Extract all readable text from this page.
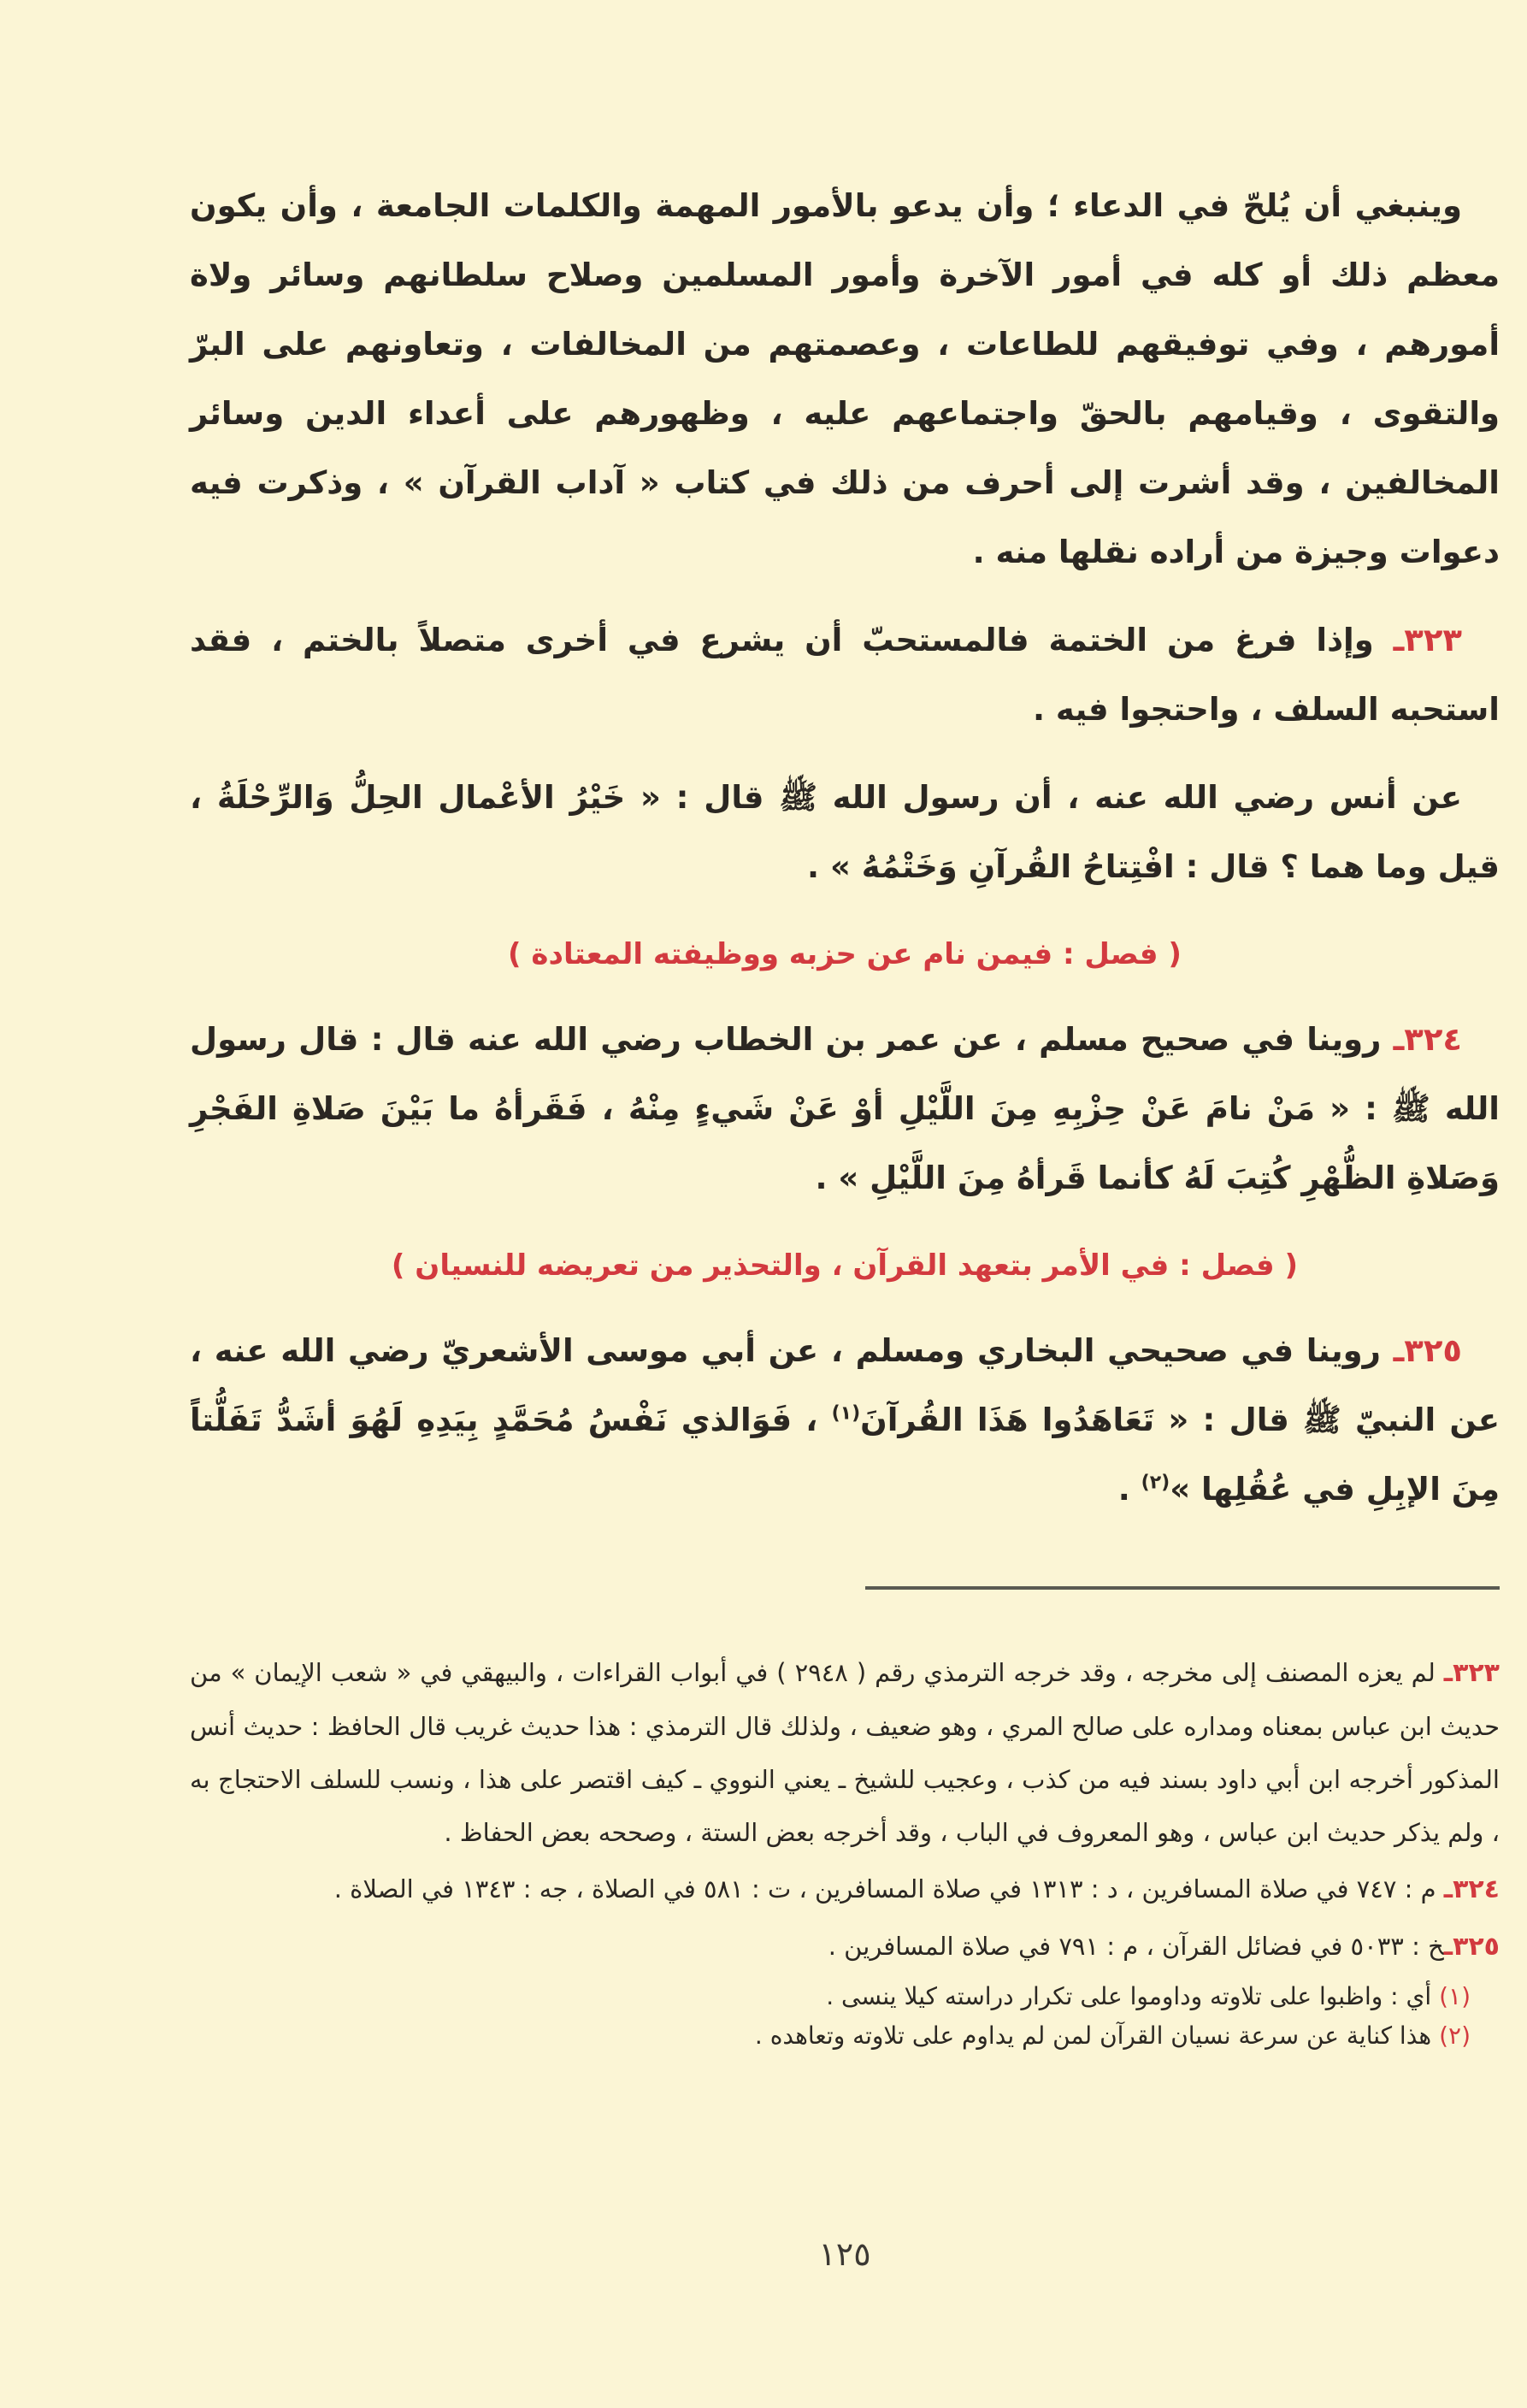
وينبغي أن يُلحّ في الدعاء ؛ وأن يدعو بالأمور المهمة والكلمات الجامعة ، وأن يكون معظم ذلك أو كله في أمور الآخرة وأمور المسلمين وصلاح سلطانهم وسائر ولاة أمورهم ، وفي توفيقهم للطاعات ، وعصمتهم من المخالفات ، وتعاونهم على البرّ والتقوى ، وقيامهم بالحقّ واجتماعهم عليه ، وظهورهم على أعداء الدين وسائر المخالفين ، وقد أشرت إلى أحرف من ذلك في كتاب « آداب القرآن » ، وذكرت فيه دعوات وجيزة من أراده نقلها منه .

٣٢٣ـ وإذا فرغ من الختمة فالمستحبّ أن يشرع في أخرى متصلاً بالختم ، فقد استحبه السلف ، واحتجوا فيه .

عن أنس رضي الله عنه ، أن رسول الله ﷺ قال : « خَيْرُ الأعْمال الحِلُّ وَالرِّحْلَةُ ، قيل وما هما ؟ قال : افْتِتاحُ القُرآنِ وَخَتْمُهُ » .

( فصل : فيمن نام عن حزبه ووظيفته المعتادة )

٣٢٤ـ روينا في صحيح مسلم ، عن عمر بن الخطاب رضي الله عنه قال : قال رسول الله ﷺ : « مَنْ نامَ عَنْ حِزْبِهِ مِنَ اللَّيْلِ أوْ عَنْ شَيءٍ مِنْهُ ، فَقَرأهُ ما بَيْنَ صَلاةِ الفَجْرِ وَصَلاةِ الظُّهْرِ كُتِبَ لَهُ كأنما قَرأهُ مِنَ اللَّيْلِ » .

( فصل : في الأمر بتعهد القرآن ، والتحذير من تعريضه للنسيان )

٣٢٥ـ روينا في صحيحي البخاري ومسلم ، عن أبي موسى الأشعريّ رضي الله عنه ، عن النبيّ ﷺ قال : « تَعَاهَدُوا هَذَا القُرآنَ$^{(١)}$ ، فَوَالذي نَفْسُ مُحَمَّدٍ بِيَدِهِ لَهُوَ أشَدُّ تَفَلُّتاً مِنَ الإبِلِ في عُقُلِها »$^{(٢)}$ .

٣٢٣ـ لم يعزه المصنف إلى مخرجه ، وقد خرجه الترمذي رقم ( ٢٩٤٨ ) في أبواب القراءات ، والبيهقي في « شعب الإيمان » من حديث ابن عباس بمعناه ومداره على صالح المري ، وهو ضعيف ، ولذلك قال الترمذي : هذا حديث غريب قال الحافظ : حديث أنس المذكور أخرجه ابن أبي داود بسند فيه من كذب ، وعجيب للشيخ ـ يعني النووي ـ كيف اقتصر على هذا ، ونسب للسلف الاحتجاج به ، ولم يذكر حديث ابن عباس ، وهو المعروف في الباب ، وقد أخرجه بعض الستة ، وصححه بعض الحفاظ .

٣٢٤ـ م : ٧٤٧ في صلاة المسافرين ، د : ١٣١٣ في صلاة المسافرين ، ت : ٥٨١ في الصلاة ، جه : ١٣٤٣ في الصلاة .

٣٢٥ـخ : ٥٠٣٣ في فضائل القرآن ، م : ٧٩١ في صلاة المسافرين .

(١) أي : واظبوا على تلاوته وداوموا على تكرار دراسته كيلا ينسى .

(٢) هذا كناية عن سرعة نسيان القرآن لمن لم يداوم على تلاوته وتعاهده .

١٢٥
